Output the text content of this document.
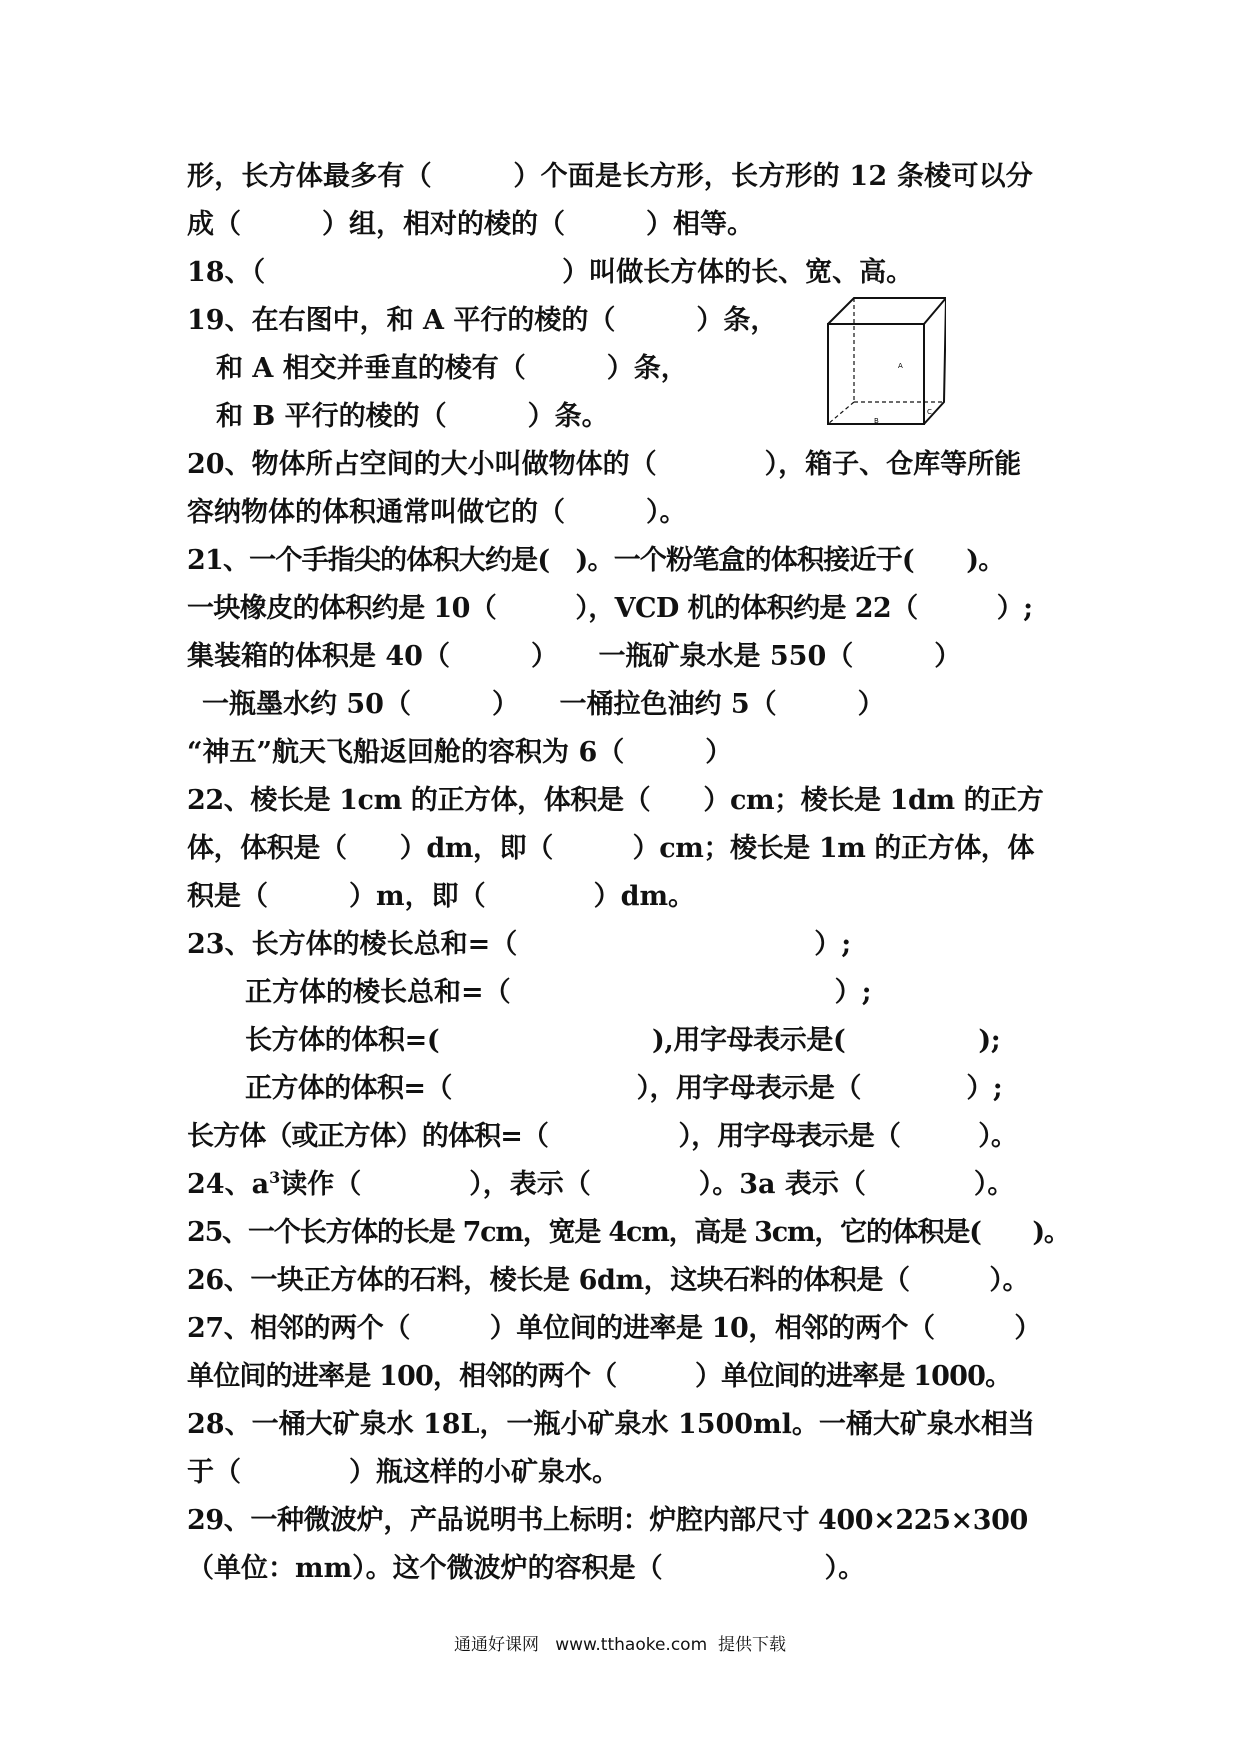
形，长方体最多有（　　　）个面是长方形，长方形的 12 条棱可以分
成（　　　）组，相对的棱的（　　　）相等。
18、（　　　　　　　　　　　）叫做长方体的长、宽、高。
19、在右图中，和 A 平行的棱的（　　　）条，
和 A 相交并垂直的棱有（　　　）条，
和 B 平行的棱的（　　　）条。
20、物体所占空间的大小叫做物体的（　　　　），箱子、仓库等所能
容纳物体的体积通常叫做它的（　　　）。
21、一个手指尖的体积大约是(　)。一个粉笔盒的体积接近于(　　)。
一块橡皮的体积约是 10（　　　），VCD 机的体积约是 22（　　　）;
集装箱的体积是 40（　　　）　　一瓶矿泉水是 550（　　　）
一瓶墨水约 50（　　　）　　一桶拉色油约 5（　　　）
“神五”航天飞船返回舱的容积为 6（　　　）
22、棱长是 1cm 的正方体，体积是（　　）cm；棱长是 1dm 的正方
体，体积是（　　）dm，即（　　　）cm；棱长是 1m 的正方体，体
积是（　　　）m，即（　　　　）dm。
23、长方体的棱长总和=（　　　　　　　　　　　）;
正方体的棱长总和=（　　　　　　　　　　　　）;
长方体的体积=(　　　　　　　　),用字母表示是(　　　　　);
正方体的体积=（　　　　　　　），用字母表示是（　　　　）;
长方体（或正方体）的体积=（　　　　　），用字母表示是（　　　）。
24、$a^3$读作（　　　　），表示（　　　　）。3a 表示（　　　　）。
25、一个长方体的长是 7cm，宽是 4cm，高是 3cm，它的体积是(　　)。
26、一块正方体的石料，棱长是 6dm，这块石料的体积是（　　　）。
27、相邻的两个（　　　）单位间的进率是 10，相邻的两个（　　　）
单位间的进率是 100，相邻的两个（　　　）单位间的进率是 1000。
28、一桶大矿泉水 18L，一瓶小矿泉水 1500ml。一桶大矿泉水相当
于（　　　　）瓶这样的小矿泉水。
29、一种微波炉，产品说明书上标明：炉腔内部尺寸 400×225×300
（单位：mm）。这个微波炉的容积是（　　　　　　）。
A
B
C
通通好课网   www.tthaoke.com  提供下载
